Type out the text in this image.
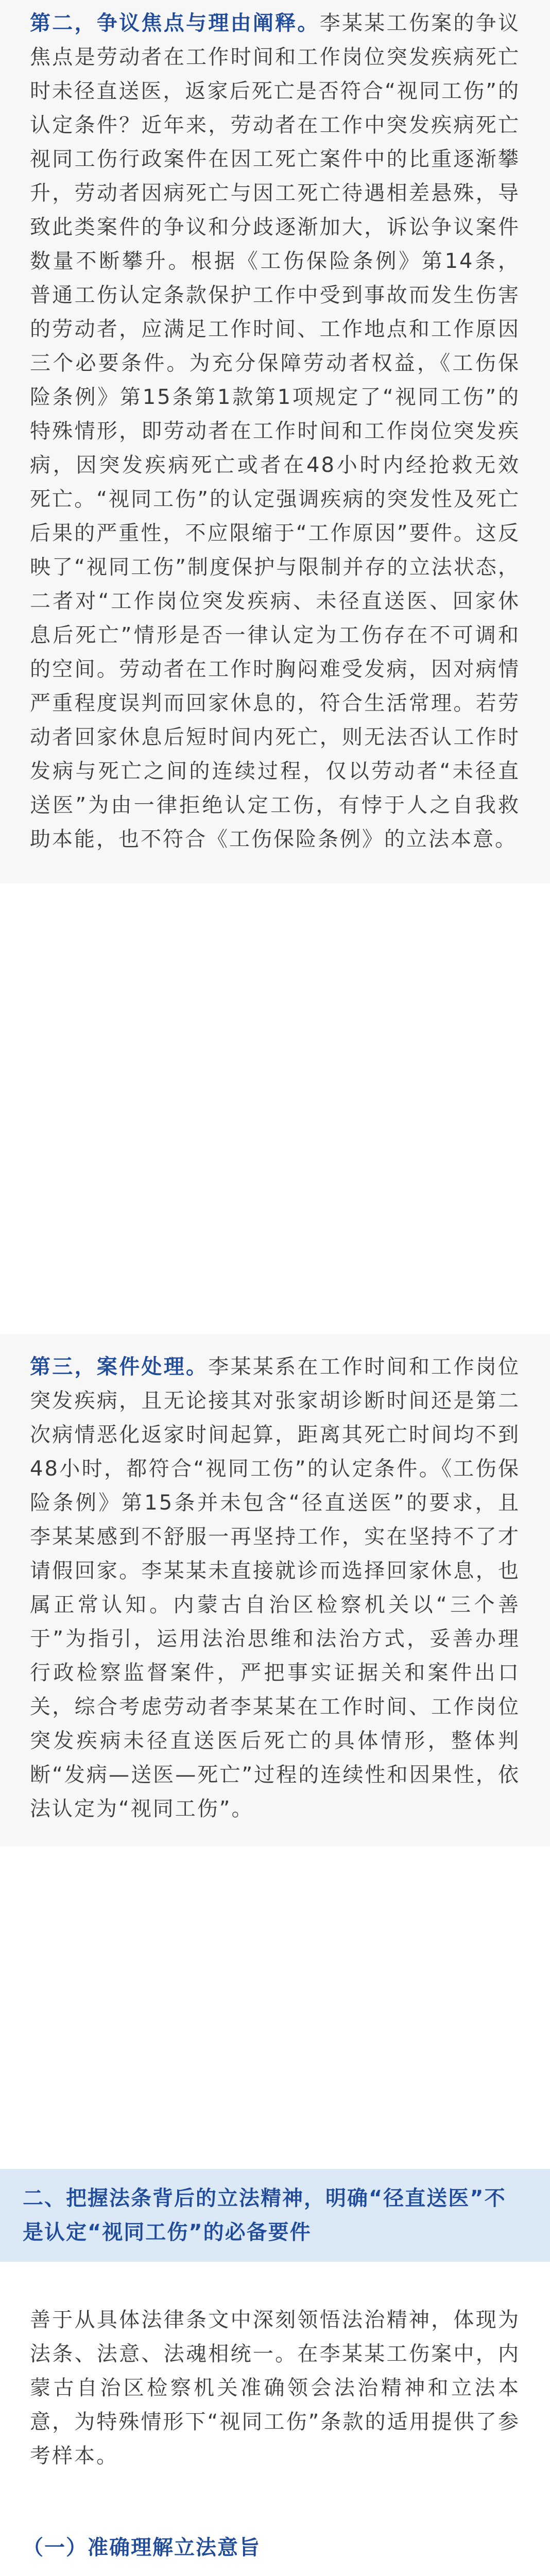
第二，争议焦点与理由阐释。李某某工伤案的争议焦点是劳动者在工作时间和工作岗位突发疾病死亡时未径直送医，返家后死亡是否符合“视同工伤”的认定条件？近年来，劳动者在工作中突发疾病死亡视同工伤行政案件在因工死亡案件中的比重逐渐攀升，劳动者因病死亡与因工死亡待遇相差悬殊，导致此类案件的争议和分歧逐渐加大，诉讼争议案件数量不断攀升。根据《工伤保险条例》第14条，普通工伤认定条款保护工作中受到事故而发生伤害的劳动者，应满足工作时间、工作地点和工作原因三个必要条件。为充分保障劳动者权益，《工伤保险条例》第15条第1款第1项规定了“视同工伤”的特殊情形，即劳动者在工作时间和工作岗位突发疾病，因突发疾病死亡或者在48小时内经抢救无效死亡。“视同工伤”的认定强调疾病的突发性及死亡后果的严重性，不应限缩于“工作原因”要件。这反映了“视同工伤”制度保护与限制并存的立法状态，二者对“工作岗位突发疾病、未径直送医、回家休息后死亡”情形是否一律认定为工伤存在不可调和的空间。劳动者在工作时胸闷难受发病，因对病情严重程度误判而回家休息的，符合生活常理。若劳动者回家休息后短时间内死亡，则无法否认工作时发病与死亡之间的连续过程，仅以劳动者“未径直送医”为由一律拒绝认定工伤，有悖于人之自我救助本能，也不符合《工伤保险条例》的立法本意。

第三，案件处理。李某某系在工作时间和工作岗位突发疾病，且无论接其对张家胡诊断时间还是第二次病情恶化返家时间起算，距离其死亡时间均不到48小时，都符合“视同工伤”的认定条件。《工伤保险条例》第15条并未包含“径直送医”的要求，且李某某感到不舒服一再坚持工作，实在坚持不了才请假回家。李某某未直接就诊而选择回家休息，也属正常认知。内蒙古自治区检察机关以“三个善于”为指引，运用法治思维和法治方式，妥善办理行政检察监督案件，严把事实证据关和案件出口关，综合考虑劳动者李某某在工作时间、工作岗位突发疾病未径直送医后死亡的具体情形，整体判断“发病—送医—死亡”过程的连续性和因果性，依法认定为“视同工伤”。

二、把握法条背后的立法精神，明确“径直送医”不是认定“视同工伤”的必备要件

善于从具体法律条文中深刻领悟法治精神，体现为法条、法意、法魂相统一。在李某某工伤案中，内蒙古自治区检察机关准确领会法治精神和立法本意，为特殊情形下“视同工伤”条款的适用提供了参考样本。

（一）准确理解立法意旨
